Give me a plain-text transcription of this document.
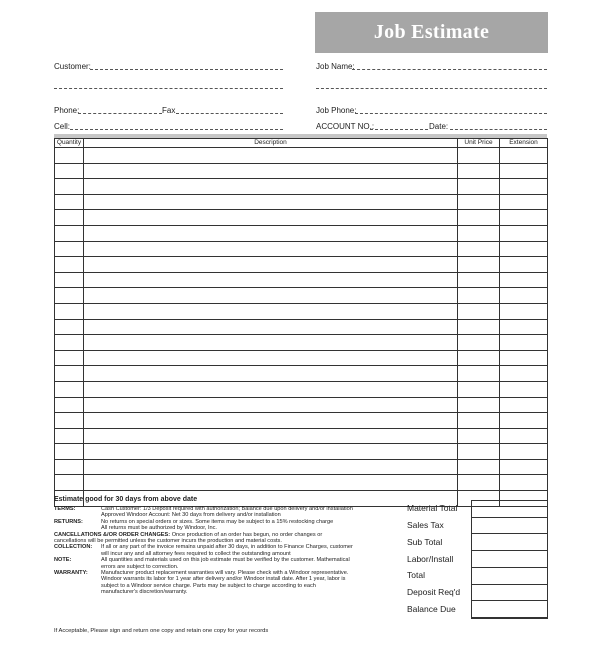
Job Estimate
Customer:
Phone:	Fax
Cell:
Job Name:
Job Phone:
ACCOUNT NO.:	Date:
Quantity	Description	Unit Price	Extension

Estimate good for 30 days from above date
TERMS:	Cash Customer: 1/3 Deposit required with authorization; Balance due upon delivery and/or installation
Approved Windoor Account: Net 30 days from delivery and/or installation
RETURNS:	No returns on special orders or sizes. Some items may be subject to a 15% restocking charge
All returns must be authorized by Windoor, Inc.
CANCELLATIONS &/OR ORDER CHANGES: Once production of an order has begun, no order changes or
cancellations will be permitted unless the customer incurs the production and material costs.
COLLECTION:	If all or any part of the invoice remains unpaid after 30 days, in addition to Finance Charges, customer
will incur any and all attorney fees required to collect the outstanding amount
NOTE:	All quantities and materials used on this job estimate must be verified by the customer. Mathematical
errors are subject to correction.
WARRANTY:	Manufacturer product replacement warranties will vary. Please check with a Windoor representative.
Windoor warrants its labor for 1 year after delivery and/or Windoor install date. After 1 year, labor is
subject to a Windoor service charge. Parts may be subject to charge according to each
manufacturer's discretion/warranty.
Material Total
Sales Tax
Sub Total
Labor/Install
Total
Deposit Req'd
Balance Due
If Acceptable, Please sign and return one copy and retain one copy for your records
